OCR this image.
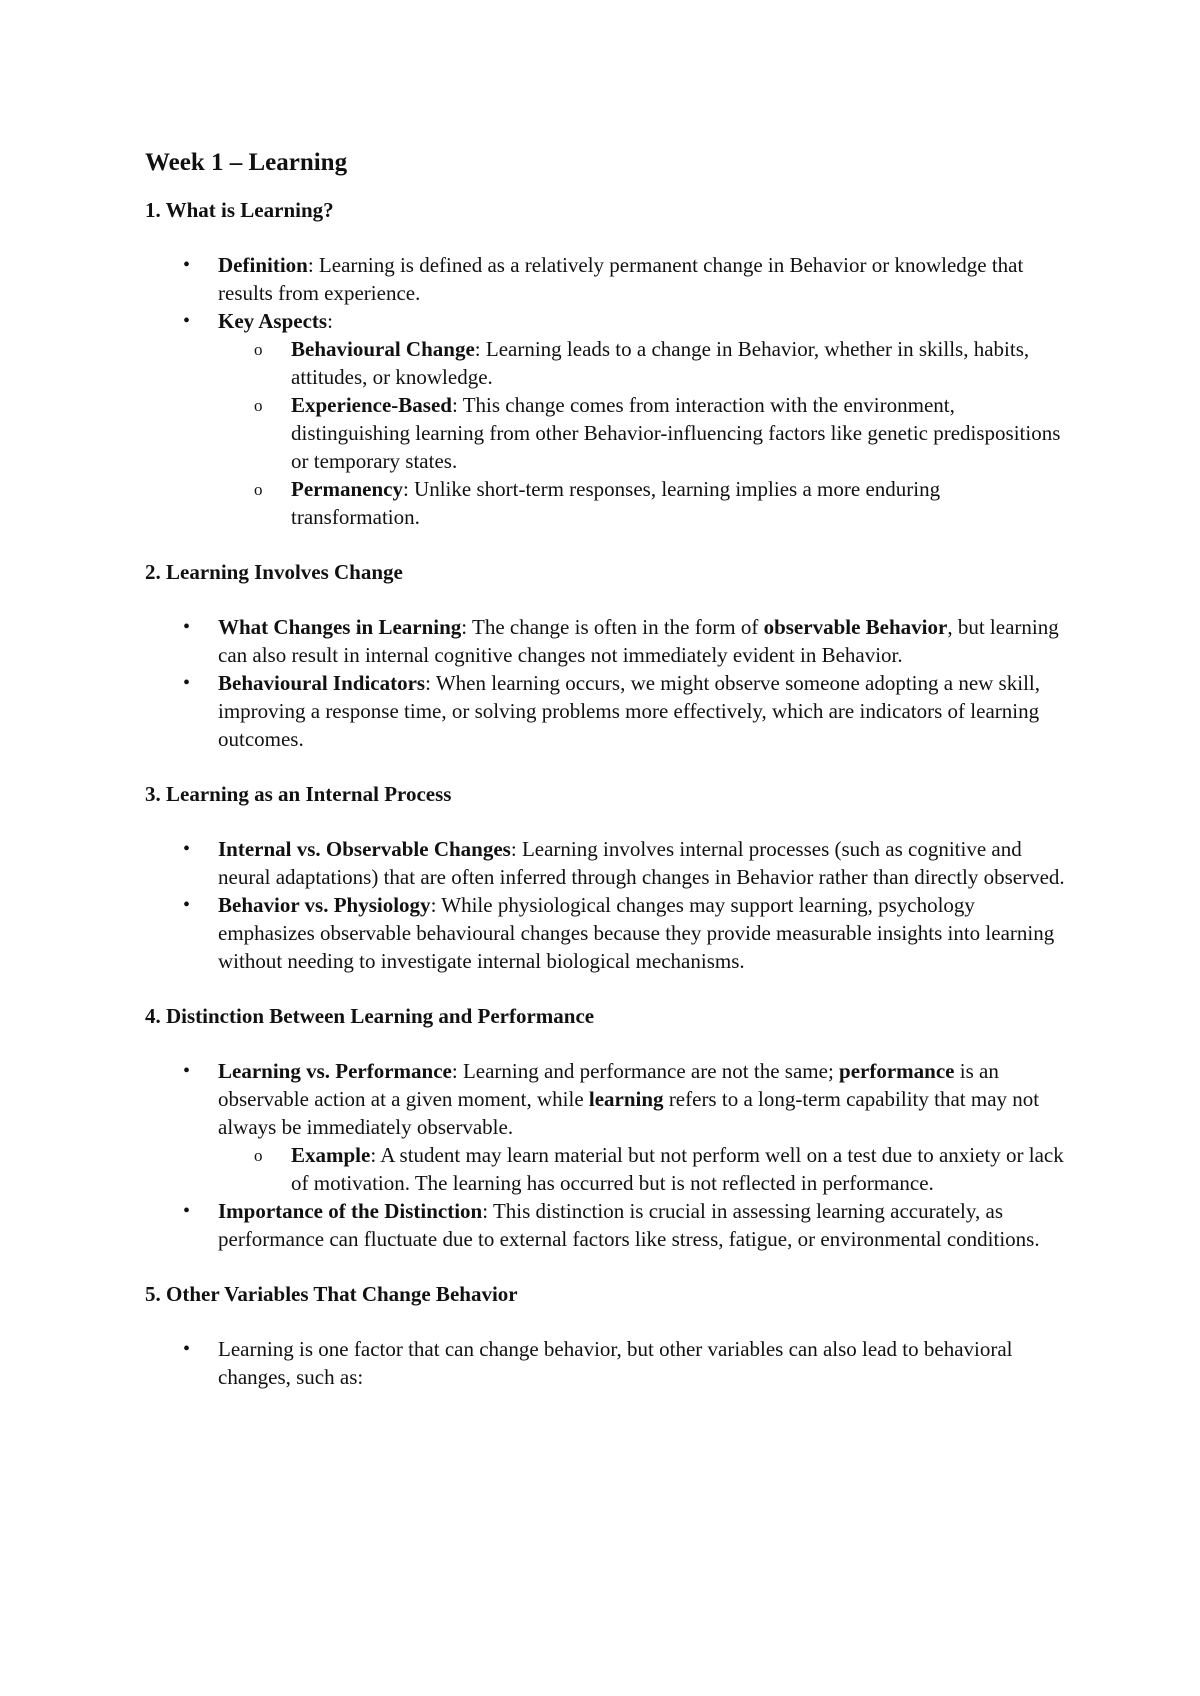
Week 1 – Learning
1. What is Learning?
• Definition: Learning is defined as a relatively permanent change in Behavior or knowledge that results from experience.
• Key Aspects:
o Behavioural Change: Learning leads to a change in Behavior, whether in skills, habits, attitudes, or knowledge.
o Experience-Based: This change comes from interaction with the environment, distinguishing learning from other Behavior-influencing factors like genetic predispositions or temporary states.
o Permanency: Unlike short-term responses, learning implies a more enduring transformation.
2. Learning Involves Change
• What Changes in Learning: The change is often in the form of observable Behavior, but learning can also result in internal cognitive changes not immediately evident in Behavior.
• Behavioural Indicators: When learning occurs, we might observe someone adopting a new skill, improving a response time, or solving problems more effectively, which are indicators of learning outcomes.
3. Learning as an Internal Process
• Internal vs. Observable Changes: Learning involves internal processes (such as cognitive and neural adaptations) that are often inferred through changes in Behavior rather than directly observed.
• Behavior vs. Physiology: While physiological changes may support learning, psychology emphasizes observable behavioural changes because they provide measurable insights into learning without needing to investigate internal biological mechanisms.
4. Distinction Between Learning and Performance
• Learning vs. Performance: Learning and performance are not the same; performance is an observable action at a given moment, while learning refers to a long-term capability that may not always be immediately observable.
o Example: A student may learn material but not perform well on a test due to anxiety or lack of motivation. The learning has occurred but is not reflected in performance.
• Importance of the Distinction: This distinction is crucial in assessing learning accurately, as performance can fluctuate due to external factors like stress, fatigue, or environmental conditions.
5. Other Variables That Change Behavior
• Learning is one factor that can change behavior, but other variables can also lead to behavioral changes, such as:
